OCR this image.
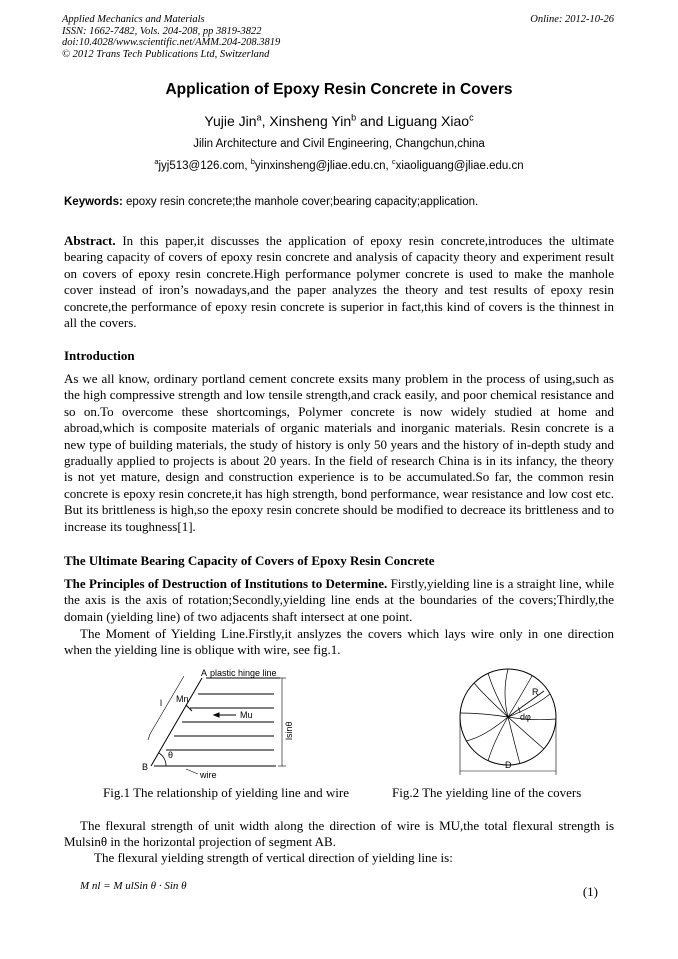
Applied Mechanics and Materials
ISSN: 1662-7482, Vols. 204-208, pp 3819-3822
doi:10.4028/www.scientific.net/AMM.204-208.3819
© 2012 Trans Tech Publications Ltd, Switzerland
Online: 2012-10-26
Application of Epoxy Resin Concrete in Covers
Yujie Jin$^a$, Xinsheng Yin$^b$ and Liguang Xiao$^c$
Jilin Architecture and Civil Engineering, Changchun,china
$^a$jyj513@126.com, $^b$yinxinsheng@jliae.edu.cn, $^c$xiaoliguang@jliae.edu.cn
Keywords: epoxy resin concrete;the manhole cover;bearing capacity;application.
Abstract. In this paper,it discusses the application of epoxy resin concrete,introduces the ultimate bearing capacity of covers of epoxy resin concrete and analysis of capacity theory and experiment result on covers of epoxy resin concrete.High performance polymer concrete is used to make the manhole cover instead of iron’s nowadays,and the paper analyzes the theory and test results of epoxy resin concrete,the performance of epoxy resin concrete is superior in fact,this kind of covers is the thinnest in all the covers.
Introduction
As we all know, ordinary portland cement concrete exsits many problem in the process of using,such as the high compressive strength and low tensile strength,and crack easily, and poor chemical resistance and so on.To overcome these shortcomings, Polymer concrete is now widely studied at home and abroad,which is composite materials of organic materials and inorganic materials. Resin concrete is a new type of building materials, the study of history is only 50 years and the history of in-depth study and gradually applied to projects is about 20 years. In the field of research China is in its infancy, the theory is not yet mature, design and construction experience is to be accumulated.So far, the common resin concrete is epoxy resin concrete,it has high strength, bond performance, wear resistance and low cost etc. But its brittleness is high,so the epoxy resin concrete should be modified to decreace its brittleness and to increase its toughness[1].
The Ultimate Bearing Capacity of Covers of Epoxy Resin Concrete
The Principles of Destruction of Institutions to Determine. Firstly,yielding line is a straight line, while the axis is the axis of rotation;Secondly,yielding line ends at the boundaries of the covers;Thirdly,the domain (yielding line) of two adjacents shaft intersect at one point.
The Moment of Yielding Line.Firstly,it anslyzes the covers which lays wire only in one direction when the yielding line is oblique with wire, see fig.1.
A plastic hinge line
Mn
Mu
l
lsinθ
θ
B
wire
R
dφ
D
Fig.1 The relationship of yielding line and wire	Fig.2 The yielding line of the covers
The flexural strength of unit width along the direction of wire is MU,the total flexural strength is Mulsinθ in the horizontal projection of segment AB.
The flexural yielding strength of vertical direction of yielding line is:
M nl = M ulSin θ · Sin θ	(1)
